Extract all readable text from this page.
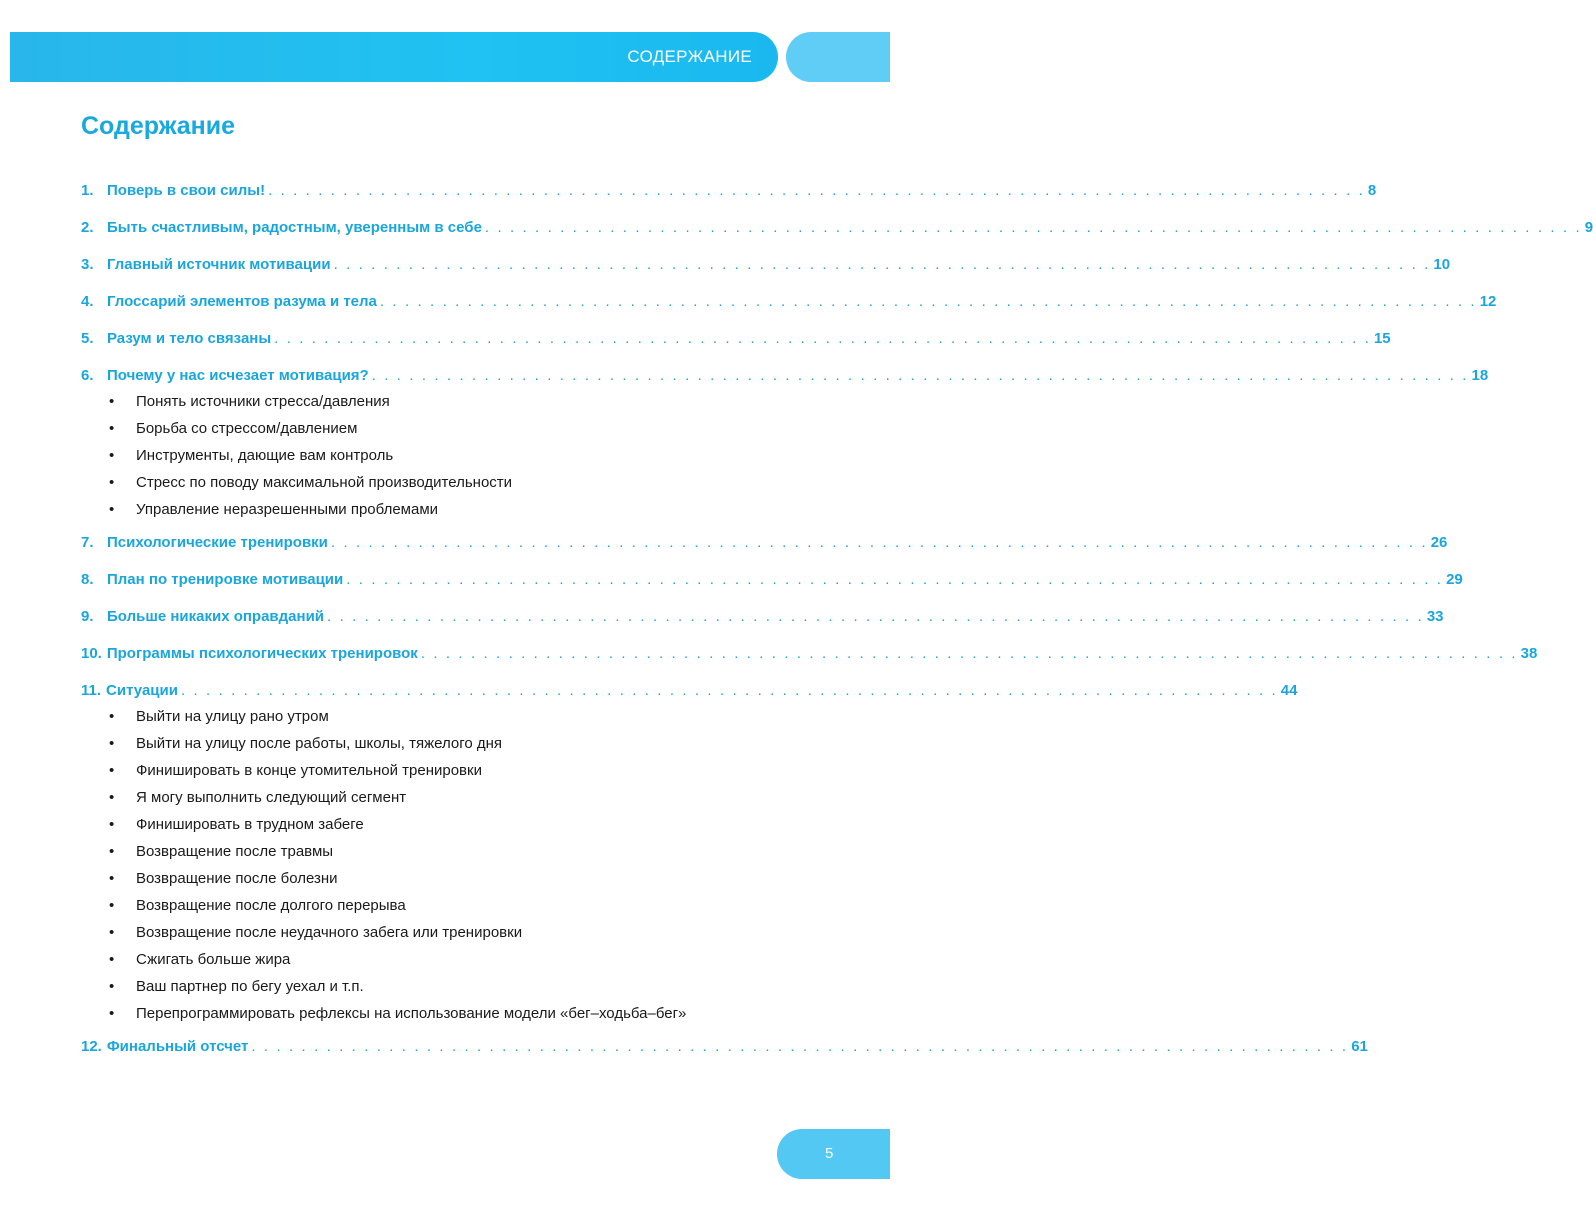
СОДЕРЖАНИЕ
Содержание
1. Поверь в свои силы! . . . . . . . . . . . . . . . . . . . . . . . . . . . . . . . . . . . . . . . . . . . . . . . . . . . . . . . . . . . . . . . . . . . . . . . . . . . . . . . . . . . . . . . . 8
2. Быть счастливым, радостным, уверенным в себе . . . . . . . . . . . . . . . . . . . . . . . . . . . . . . . . . . . . . . . . . . . . . . . . . . . . . . . . . . . . . . . . . . . . . . . . . . . . . . . . . . . . . . . . 9
3. Главный источник мотивации . . . . . . . . . . . . . . . . . . . . . . . . . . . . . . . . . . . . . . . . . . . . . . . . . . . . . . . . . . . . . . . . . . . . . . . . . . . . . . . . . . . . . . . . 10
4. Глоссарий элементов разума и тела . . . . . . . . . . . . . . . . . . . . . . . . . . . . . . . . . . . . . . . . . . . . . . . . . . . . . . . . . . . . . . . . . . . . . . . . . . . . . . . . . . . . . . . . 12
5. Разум и тело связаны . . . . . . . . . . . . . . . . . . . . . . . . . . . . . . . . . . . . . . . . . . . . . . . . . . . . . . . . . . . . . . . . . . . . . . . . . . . . . . . . . . . . . . . . 15
6. Почему у нас исчезает мотивация? . . . . . . . . . . . . . . . . . . . . . . . . . . . . . . . . . . . . . . . . . . . . . . . . . . . . . . . . . . . . . . . . . . . . . . . . . . . . . . . . . . . . . . . . 18
• Понять источники стресса/давления
• Борьба со стрессом/давлением
• Инструменты, дающие вам контроль
• Стресс по поводу максимальной производительности
• Управление неразрешенными проблемами
7. Психологические тренировки . . . . . . . . . . . . . . . . . . . . . . . . . . . . . . . . . . . . . . . . . . . . . . . . . . . . . . . . . . . . . . . . . . . . . . . . . . . . . . . . . . . . . . . . 26
8. План по тренировке мотивации . . . . . . . . . . . . . . . . . . . . . . . . . . . . . . . . . . . . . . . . . . . . . . . . . . . . . . . . . . . . . . . . . . . . . . . . . . . . . . . . . . . . . . . . 29
9. Больше никаких оправданий . . . . . . . . . . . . . . . . . . . . . . . . . . . . . . . . . . . . . . . . . . . . . . . . . . . . . . . . . . . . . . . . . . . . . . . . . . . . . . . . . . . . . . . . 33
10. Программы психологических тренировок . . . . . . . . . . . . . . . . . . . . . . . . . . . . . . . . . . . . . . . . . . . . . . . . . . . . . . . . . . . . . . . . . . . . . . . . . . . . . . . . . . . . . . . . 38
11. Ситуации . . . . . . . . . . . . . . . . . . . . . . . . . . . . . . . . . . . . . . . . . . . . . . . . . . . . . . . . . . . . . . . . . . . . . . . . . . . . . . . . . . . . . . . . 44
• Выйти на улицу рано утром
• Выйти на улицу после работы, школы, тяжелого дня
• Финишировать в конце утомительной тренировки
• Я могу выполнить следующий сегмент
• Финишировать в трудном забеге
• Возвращение после травмы
• Возвращение после болезни
• Возвращение после долгого перерыва
• Возвращение после неудачного забега или тренировки
• Сжигать больше жира
• Ваш партнер по бегу уехал и т.п.
• Перепрограммировать рефлексы на использование модели «бег–ходьба–бег»
12. Финальный отсчет . . . . . . . . . . . . . . . . . . . . . . . . . . . . . . . . . . . . . . . . . . . . . . . . . . . . . . . . . . . . . . . . . . . . . . . . . . . . . . . . . . . . . . . . 61
5
